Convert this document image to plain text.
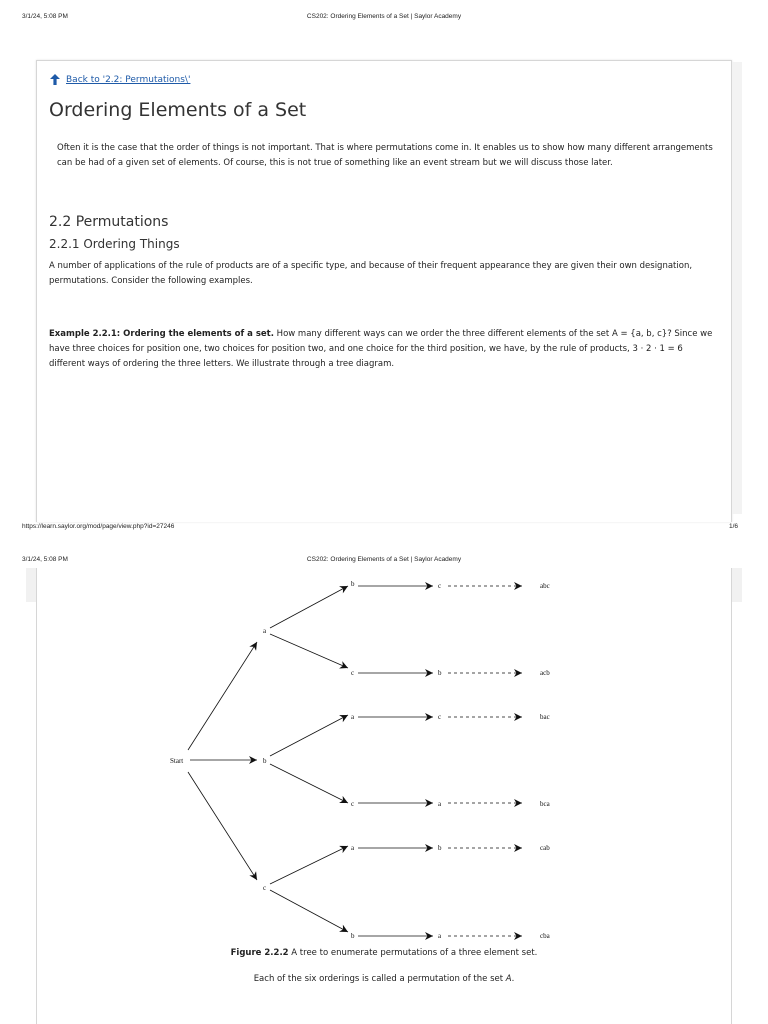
3/1/24, 5:08 PM	CS202: Ordering Elements of a Set | Saylor Academy
Back to '2.2: Permutations\'
Ordering Elements of a Set

Often it is the case that the order of things is not important. That is where permutations come in. It enables us to show how many different arrangements can be had of a given set of elements. Of course, this is not true of something like an event stream but we will discuss those later.

2.2 Permutations
2.2.1 Ordering Things

A number of applications of the rule of products are of a specific type, and because of their frequent appearance they are given their own designation, permutations. Consider the following examples.

Example 2.2.1: Ordering the elements of a set. How many different ways can we order the three different elements of the set A = {a, b, c}? Since we have three choices for position one, two choices for position two, and one choice for the third position, we have, by the rule of products, 3 · 2 · 1 = 6 different ways of ordering the three letters. We illustrate through a tree diagram.

https://learn.saylor.org/mod/page/view.php?id=27246	1/6
3/1/24, 5:08 PM	CS202: Ordering Elements of a Set | Saylor Academy
Start
a
b
c
b
c
a
c
a
b
c
b
c
a
b
a
abc
acb
bac
bca
cab
cba
Figure 2.2.2 A tree to enumerate permutations of a three element set.
Each of the six orderings is called a permutation of the set A.
